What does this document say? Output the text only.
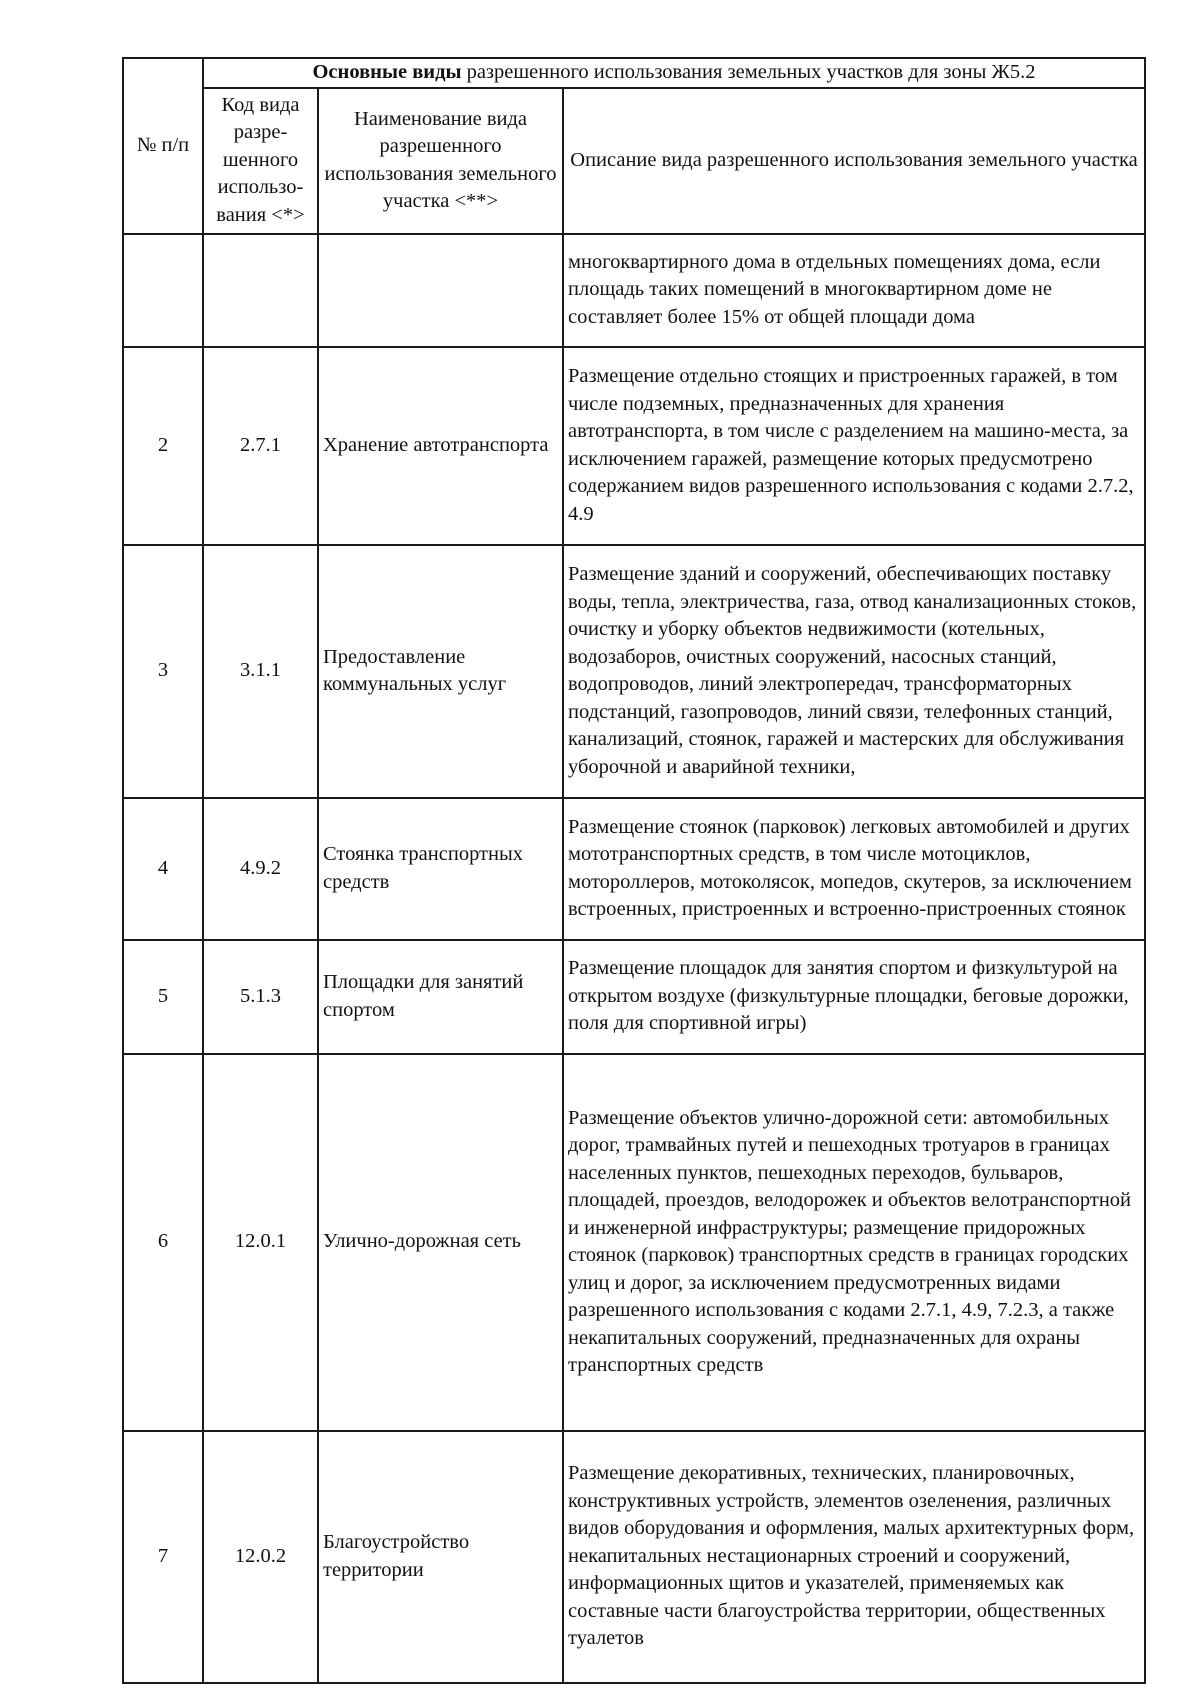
№ п/п	Основные виды разрешенного использования земельных участков для зоны Ж5.2		
	Код вида разре-шенного использо-вания <*>	Наименование вида разрешенного использования земельного участка <**>	Описание вида разрешенного использования земельного участка
			многоквартирного дома в отдельных помещениях дома, если площадь таких помещений в многоквартирном доме не составляет более 15% от общей площади дома
2	2.7.1	Хранение автотранспорта	Размещение отдельно стоящих и пристроенных гаражей, в том числе подземных, предназначенных для хранения автотранспорта, в том числе с разделением на машино-места, за исключением гаражей, размещение которых предусмотрено содержанием видов разрешенного использования с кодами 2.7.2, 4.9
3	3.1.1	Предоставление коммунальных услуг	Размещение зданий и сооружений, обеспечивающих поставку воды, тепла, электричества, газа, отвод канализационных стоков, очистку и уборку объектов недвижимости (котельных, водозаборов, очистных сооружений, насосных станций, водопроводов, линий электропередач, трансформаторных подстанций, газопроводов, линий связи, телефонных станций, канализаций, стоянок, гаражей и мастерских для обслуживания уборочной и аварийной техники,
4	4.9.2	Стоянка транспортных средств	Размещение стоянок (парковок) легковых автомобилей и других мототранспортных средств, в том числе мотоциклов, мотороллеров, мотоколясок, мопедов, скутеров, за исключением встроенных, пристроенных и встроенно-пристроенных стоянок
5	5.1.3	Площадки для занятий спортом	Размещение площадок для занятия спортом и физкультурой на открытом воздухе (физкультурные площадки, беговые дорожки, поля для спортивной игры)
6	12.0.1	Улично-дорожная сеть	Размещение объектов улично-дорожной сети: автомобильных дорог, трамвайных путей и пешеходных тротуаров в границах населенных пунктов, пешеходных переходов, бульваров, площадей, проездов, велодорожек и объектов велотранспортной и инженерной инфраструктуры; размещение придорожных стоянок (парковок) транспортных средств в границах городских улиц и дорог, за исключением предусмотренных видами разрешенного использования с кодами 2.7.1, 4.9, 7.2.3, а также некапитальных сооружений, предназначенных для охраны транспортных средств
7	12.0.2	Благоустройство территории	Размещение декоративных, технических, планировочных, конструктивных устройств, элементов озеленения, различных видов оборудования и оформления, малых архитектурных форм, некапитальных нестационарных строений и сооружений, информационных щитов и указателей, применяемых как составные части благоустройства территории, общественных туалетов
